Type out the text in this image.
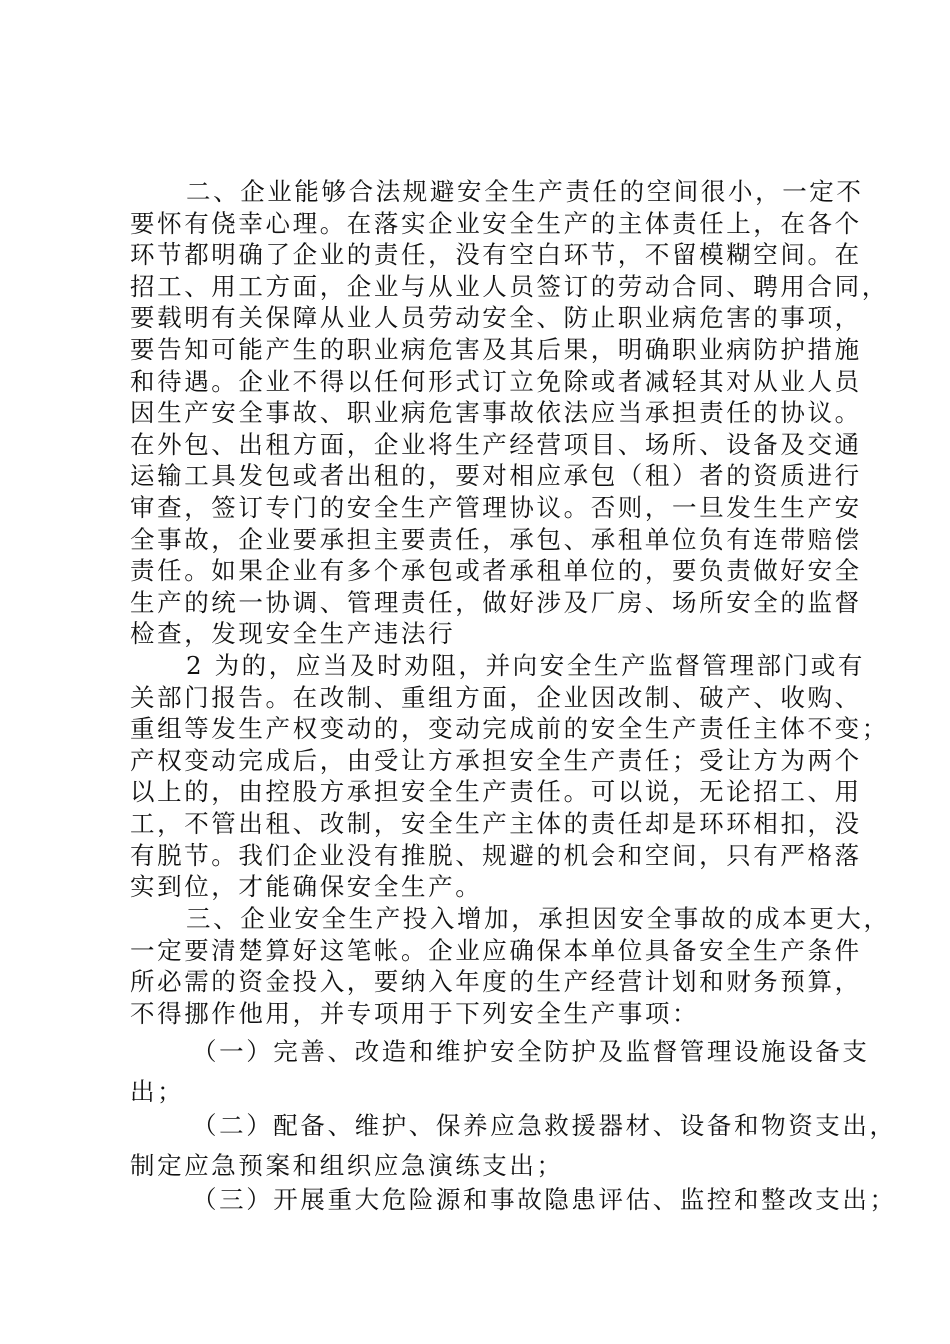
二、企业能够合法规避安全生产责任的空间很小，一定不
要怀有侥幸心理。在落实企业安全生产的主体责任上，在各个
环节都明确了企业的责任，没有空白环节，不留模糊空间。在
招工、用工方面，企业与从业人员签订的劳动合同、聘用合同，
要载明有关保障从业人员劳动安全、防止职业病危害的事项，
要告知可能产生的职业病危害及其后果，明确职业病防护措施
和待遇。企业不得以任何形式订立免除或者减轻其对从业人员
因生产安全事故、职业病危害事故依法应当承担责任的协议。
在外包、出租方面，企业将生产经营项目、场所、设备及交通
运输工具发包或者出租的，要对相应承包（租）者的资质进行
审查，签订专门的安全生产管理协议。否则，一旦发生生产安
全事故，企业要承担主要责任，承包、承租单位负有连带赔偿
责任。如果企业有多个承包或者承租单位的，要负责做好安全
生产的统一协调、管理责任，做好涉及厂房、场所安全的监督
检查，发现安全生产违法行
2 为的，应当及时劝阻，并向安全生产监督管理部门或有
关部门报告。在改制、重组方面，企业因改制、破产、收购、
重组等发生产权变动的，变动完成前的安全生产责任主体不变；
产权变动完成后，由受让方承担安全生产责任；受让方为两个
以上的，由控股方承担安全生产责任。可以说，无论招工、用
工，不管出租、改制，安全生产主体的责任却是环环相扣，没
有脱节。我们企业没有推脱、规避的机会和空间，只有严格落
实到位，才能确保安全生产。
三、企业安全生产投入增加，承担因安全事故的成本更大，
一定要清楚算好这笔帐。企业应确保本单位具备安全生产条件
所必需的资金投入，要纳入年度的生产经营计划和财务预算，
不得挪作他用，并专项用于下列安全生产事项：
（一）完善、改造和维护安全防护及监督管理设施设备支
出；
（二）配备、维护、保养应急救援器材、设备和物资支出，
制定应急预案和组织应急演练支出；
（三）开展重大危险源和事故隐患评估、监控和整改支出；
